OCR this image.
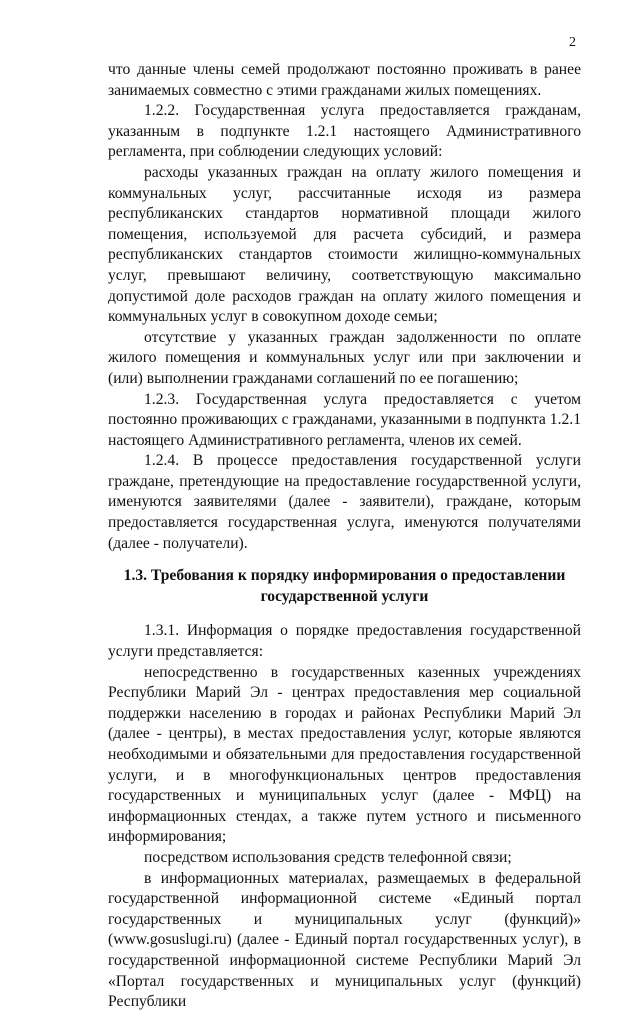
2

что данные члены семей продолжают постоянно проживать в ранее занимаемых совместно с этими гражданами жилых помещениях.

1.2.2. Государственная услуга предоставляется гражданам, указанным в подпункте 1.2.1 настоящего Административного регламента, при соблюдении следующих условий:

расходы указанных граждан на оплату жилого помещения и коммунальных услуг, рассчитанные исходя из размера республиканских стандартов нормативной площади жилого помещения, используемой для расчета субсидий, и размера республиканских стандартов стоимости жилищно-коммунальных услуг, превышают величину, соответствующую максимально допустимой доле расходов граждан на оплату жилого помещения и коммунальных услуг в совокупном доходе семьи;

отсутствие у указанных граждан задолженности по оплате жилого помещения и коммунальных услуг или при заключении и (или) выполнении гражданами соглашений по ее погашению;

1.2.3. Государственная услуга предоставляется с учетом постоянно проживающих с гражданами, указанными в подпункта 1.2.1 настоящего Административного регламента, членов их семей.

1.2.4. В процессе предоставления государственной услуги граждане, претендующие на предоставление государственной услуги, именуются заявителями (далее - заявители), граждане, которым предоставляется государственная услуга, именуются получателями (далее - получатели).

1.3. Требования к порядку информирования о предоставлении государственной услуги

1.3.1. Информация о порядке предоставления государственной услуги представляется:

непосредственно в государственных казенных учреждениях Республики Марий Эл - центрах предоставления мер социальной поддержки населению в городах и районах Республики Марий Эл (далее - центры), в местах предоставления услуг, которые являются необходимыми и обязательными для предоставления государственной услуги, и в многофункциональных центров предоставления государственных и муниципальных услуг (далее - МФЦ) на информационных стендах, а также путем устного и письменного информирования;

посредством использования средств телефонной связи;

в информационных материалах, размещаемых в федеральной государственной информационной системе «Единый портал государственных и муниципальных услуг (функций)» (www.gosuslugi.ru) (далее - Единый портал государственных услуг), в государственной информационной системе Республики Марий Эл «Портал государственных и муниципальных услуг (функций) Республики
